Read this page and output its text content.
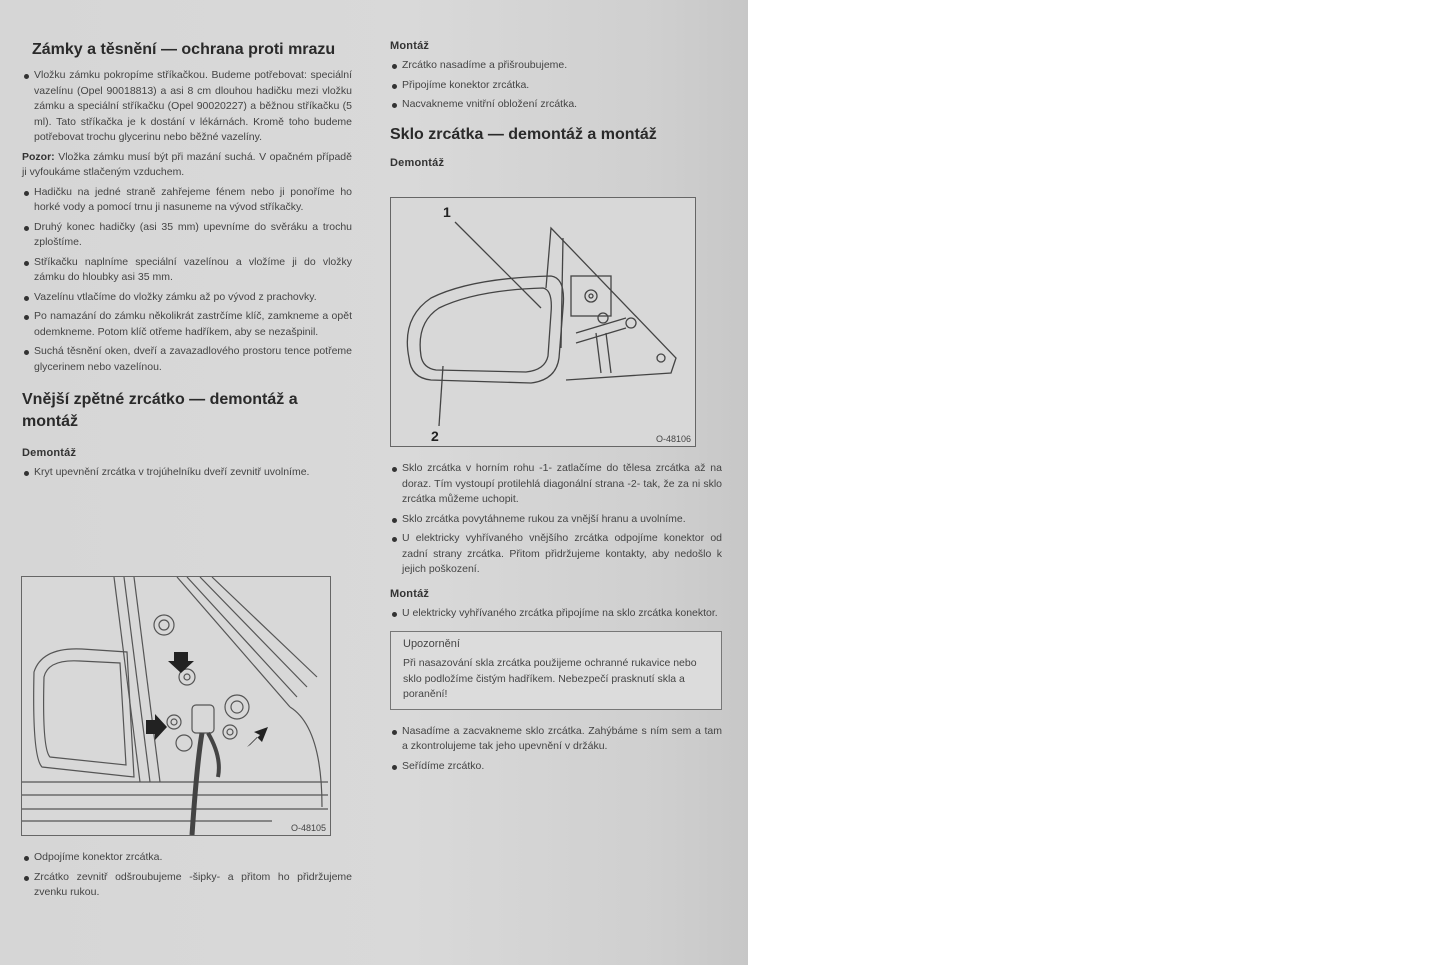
Zámky a těsnění — ochrana proti mrazu
Vložku zámku pokropíme stříkačkou. Budeme potřebovat: speciální vazelínu (Opel 90018813) a asi 8 cm dlouhou hadičku mezi vložku zámku a speciální stříkačku (Opel 90020227) a běžnou stříkačku (5 ml). Tato stříkačka je k dostání v lékárnách. Kromě toho budeme potřebovat trochu glycerinu nebo běžné vazelíny.
Pozor: Vložka zámku musí být při mazání suchá. V opačném případě ji vyfoukáme stlačeným vzduchem.
Hadičku na jedné straně zahřejeme fénem nebo ji ponoříme ho horké vody a pomocí trnu ji nasuneme na vývod stříkačky.
Druhý konec hadičky (asi 35 mm) upevníme do svěráku a trochu zploštíme.
Stříkačku naplníme speciální vazelínou a vložíme ji do vložky zámku do hloubky asi 35 mm.
Vazelínu vtlačíme do vložky zámku až po vývod z prachovky.
Po namazání do zámku několikrát zastrčíme klíč, zamkneme a opět odemkneme. Potom klíč otřeme hadříkem, aby se nezašpinil.
Suchá těsnění oken, dveří a zavazadlového prostoru tence potřeme glycerinem nebo vazelínou.
Vnější zpětné zrcátko — demontáž a montáž
Demontáž
Kryt upevnění zrcátka v trojúhelníku dveří zevnitř uvolníme.
O-48105
Odpojíme konektor zrcátka.
Zrcátko zevnitř odšroubujeme -šipky- a přitom ho přidržujeme zvenku rukou.
Montáž
Zrcátko nasadíme a přišroubujeme.
Připojíme konektor zrcátka.
Nacvakneme vnitřní obložení zrcátka.
Sklo zrcátka — demontáž a montáž
Demontáž
1
2	O-48106
Sklo zrcátka v horním rohu -1- zatlačíme do tělesa zrcátka až na doraz. Tím vystoupí protilehlá diagonální strana -2- tak, že za ni sklo zrcátka můžeme uchopit.
Sklo zrcátka povytáhneme rukou za vnější hranu a uvolníme.
U elektricky vyhřívaného vnějšího zrcátka odpojíme konektor od zadní strany zrcátka. Přitom přidržujeme kontakty, aby nedošlo k jejich poškození.
Montáž
U elektricky vyhřívaného zrcátka připojíme na sklo zrcátka konektor.
Upozornění
Při nasazování skla zrcátka použijeme ochranné rukavice nebo sklo podložíme čistým hadříkem. Nebezpečí prasknutí skla a poranění!
Nasadíme a zacvakneme sklo zrcátka. Zahýbáme s ním sem a tam a zkontrolujeme tak jeho upevnění v držáku.
Seřídíme zrcátko.
